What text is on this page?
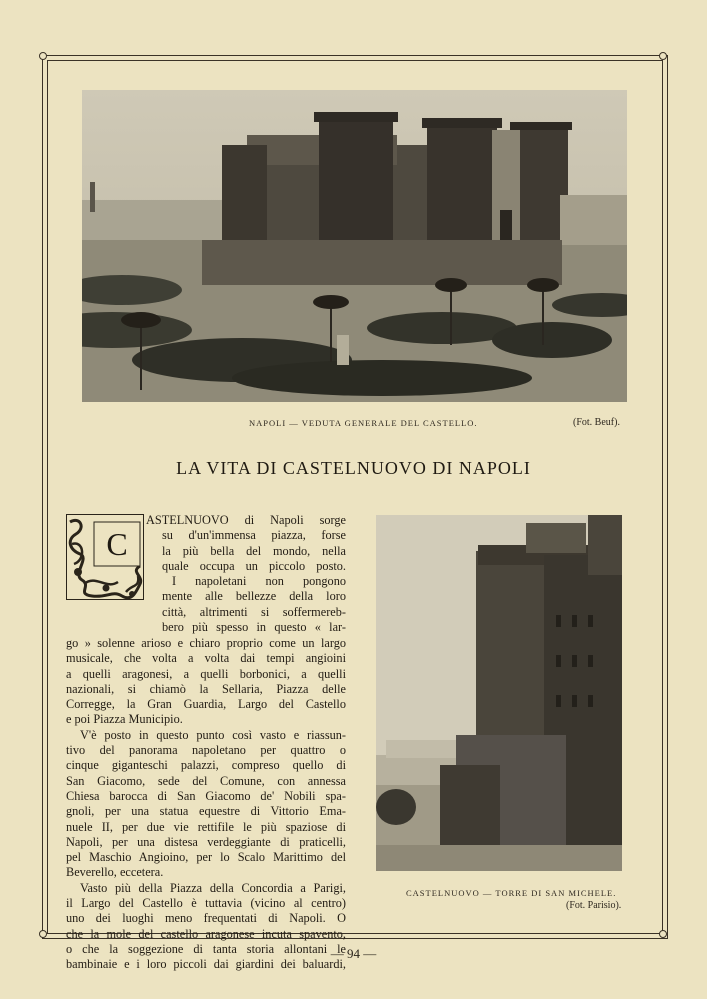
NAPOLI — VEDUTA GENERALE DEL CASTELLO.	(Fot. Beuf).
LA VITA DI CASTELNUOVO DI NAPOLI
C
ASTELNUOVO di Napoli sorge
su d'un'immensa piazza, forse
la più bella del mondo, nella
quale occupa un piccolo posto.
I napoletani non pongono
mente alle bellezze della loro
città, altrimenti si soffermereb-
bero più spesso in questo « lar-
go » solenne arioso e chiaro proprio come un largo
musicale, che volta a volta dai tempi angioini
a quelli aragonesi, a quelli borbonici, a quelli
nazionali, si chiamò la Sellaria, Piazza delle
Corregge, la Gran Guardia, Largo del Castello
e poi Piazza Municipio.
V'è posto in questo punto così vasto e riassun-
tivo del panorama napoletano per quattro o
cinque giganteschi palazzi, compreso quello di
San Giacomo, sede del Comune, con annessa
Chiesa barocca di San Giacomo de' Nobili spa-
gnoli, per una statua equestre di Vittorio Ema-
nuele II, per due vie rettifile le più spaziose di
Napoli, per una distesa verdeggiante di praticelli,
pel Maschio Angioino, per lo Scalo Marittimo del
Beverello, eccetera.
Vasto più della Piazza della Concordia a Parigi,
il Largo del Castello è tuttavia (vicino al centro)
uno dei luoghi meno frequentati di Napoli. O
che la mole del castello aragonese incuta spavento,
o che la soggezione di tanta storia allontani le
bambinaie e i loro piccoli dai giardini dei baluardi,
CASTELNUOVO — TORRE DI SAN MICHELE.
(Fot. Parisio).
— 94 —
